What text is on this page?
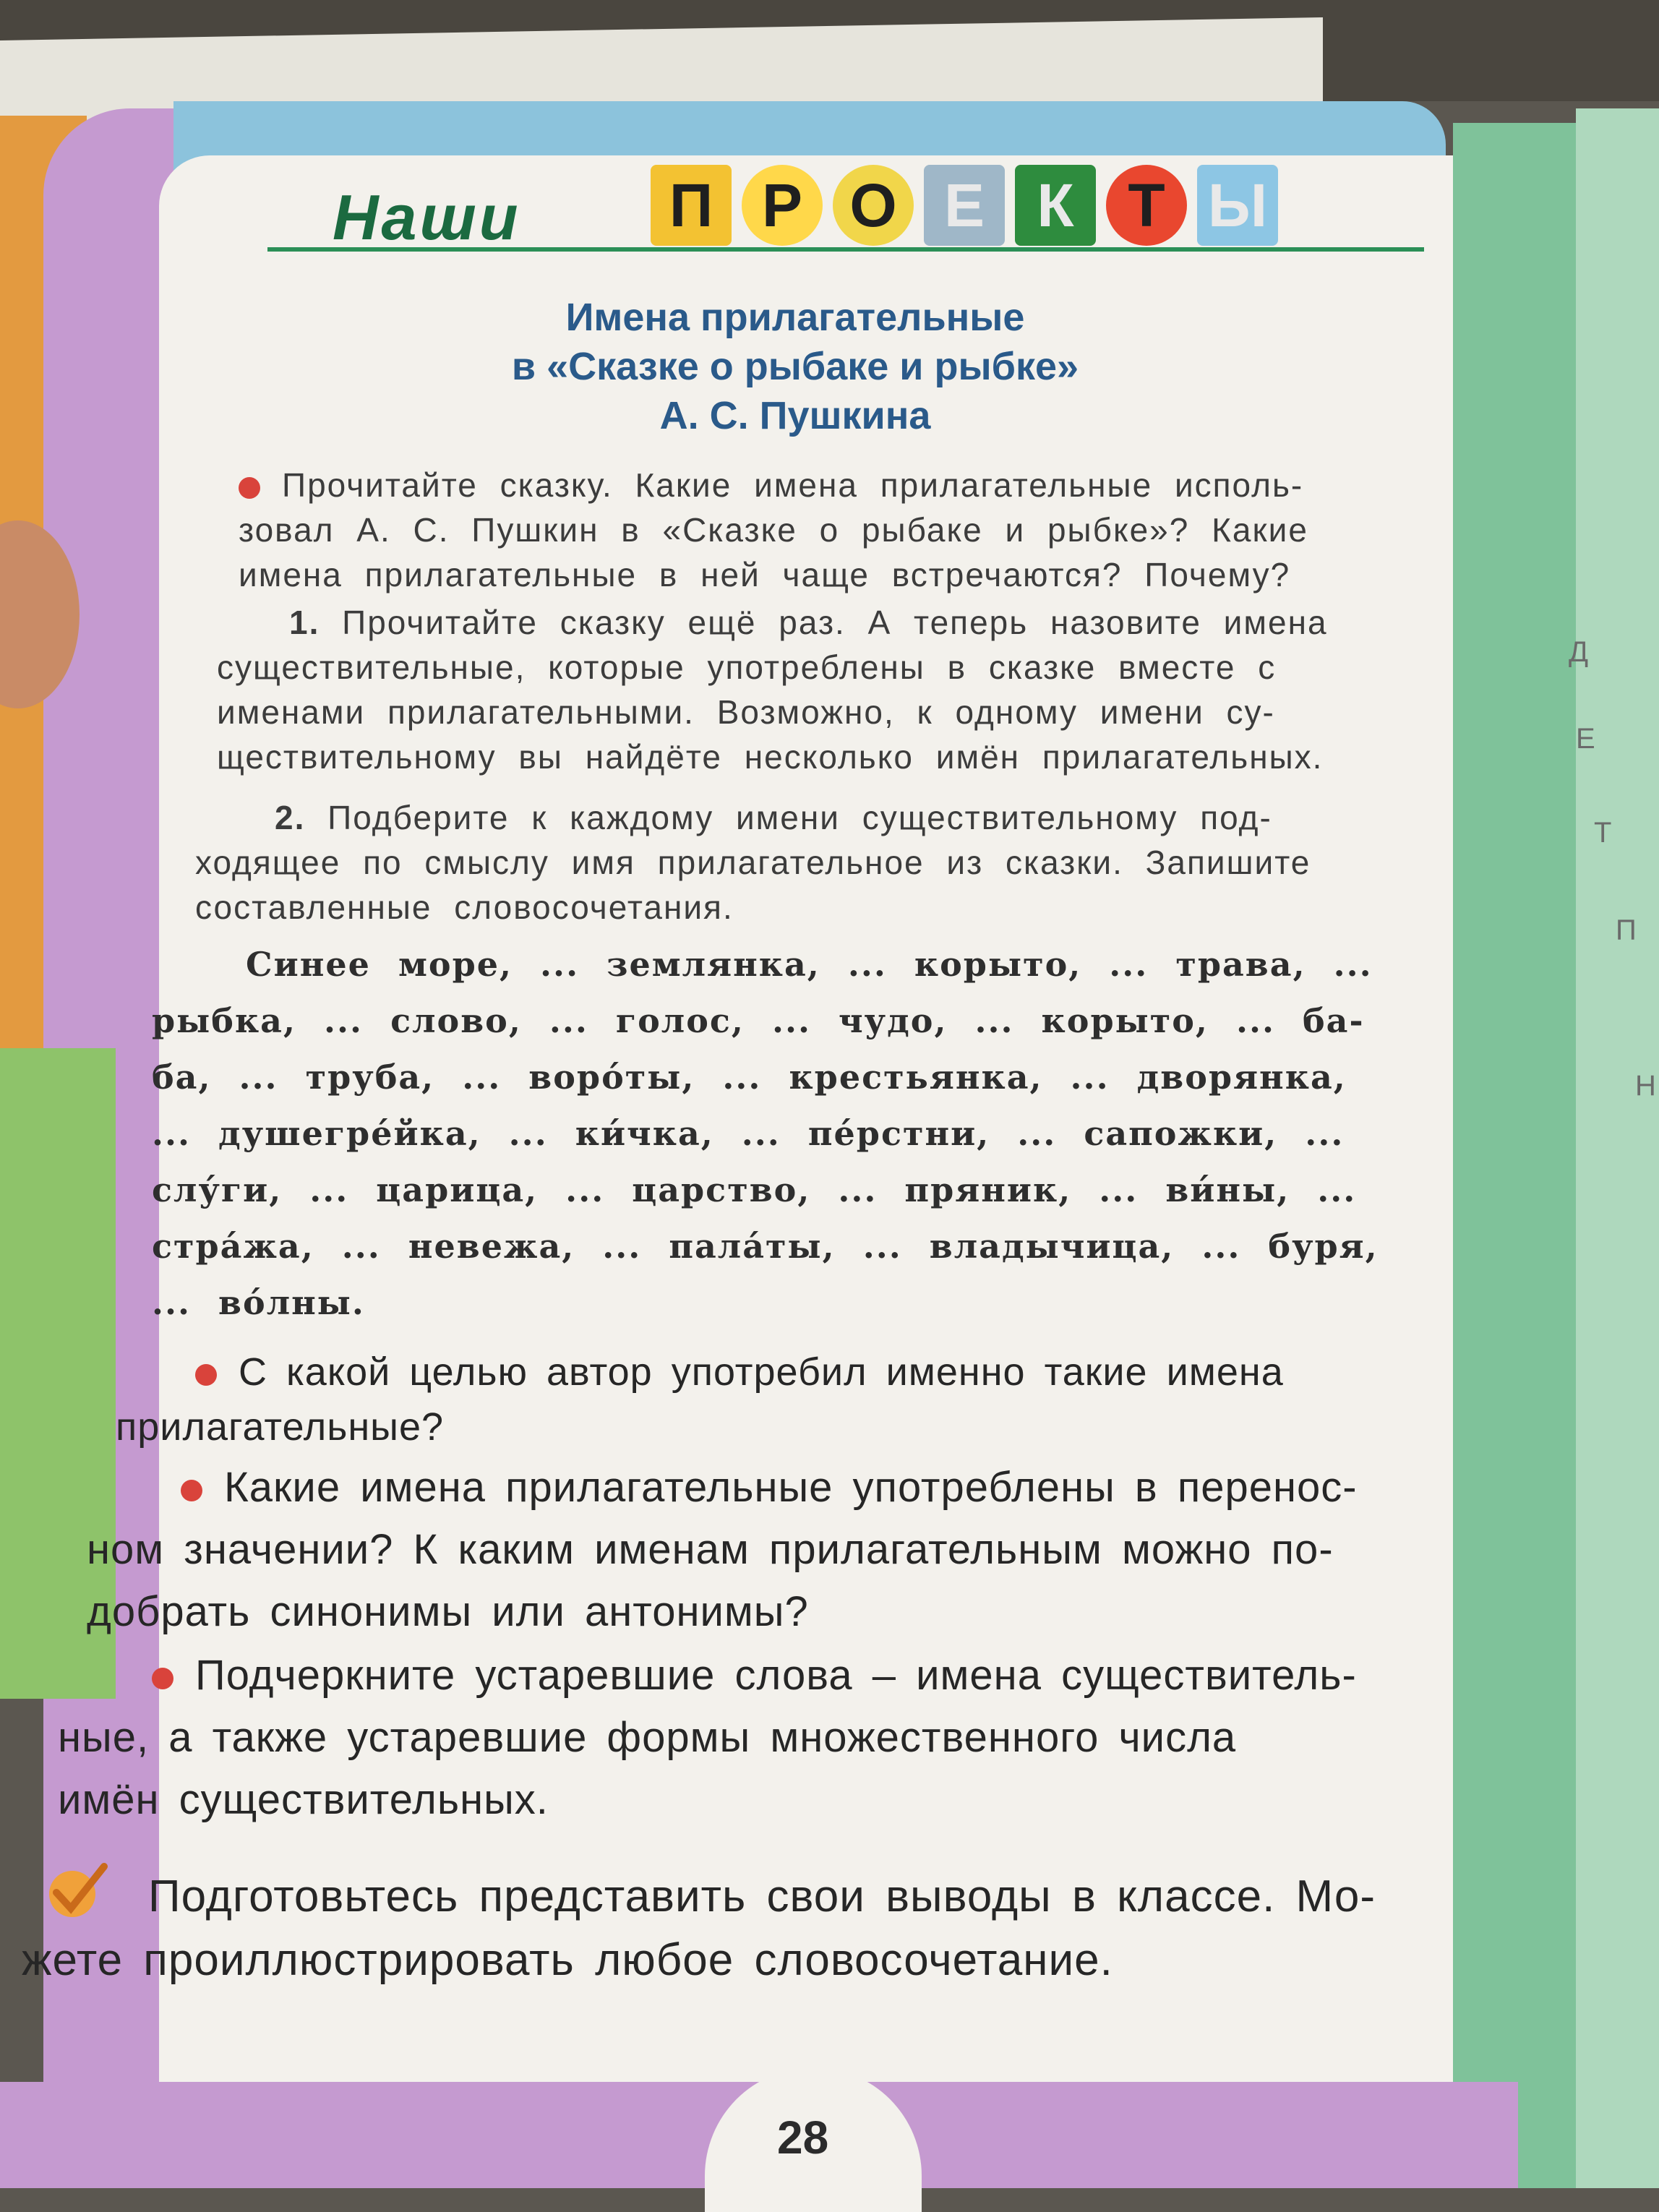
Д
Е
Т
П
Н
Наши	П Р О Е К Т Ы
Имена прилагательные
в «Сказке о рыбаке и рыбке»
А. С. Пушкина
Прочитайте сказку. Какие имена прилагательные исполь-
зовал А. С. Пушкин в «Сказке о рыбаке и рыбке»? Какие
имена прилагательные в ней чаще встречаются? Почему?
1. Прочитайте сказку ещё раз. А теперь назовите имена
существительные, которые употреблены в сказке вместе с
именами прилагательными. Возможно, к одному имени су-
ществительному вы найдёте несколько имён прилагательных.
2. Подберите к каждому имени существительному под-
ходящее по смыслу имя прилагательное из сказки. Запишите
составленные словосочетания.
Синее море, ... землянка, ... корыто, ... трава, ...
рыбка, ... слово, ... голос, ... чудо, ... корыто, ... ба-
ба, ... труба, ... воро́ты, ... крестьянка, ... дворянка,
... душегре́йка, ... ки́чка, ... пе́рстни, ... сапожки, ...
слу́ги, ... царица, ... царство, ... пряник, ... ви́ны, ...
стра́жа, ... невежа, ... пала́ты, ... владычица, ... буря,
... во́лны.
С какой целью автор употребил именно такие имена
прилагательные?
Какие имена прилагательные употреблены в перенос-
ном значении? К каким именам прилагательным можно по-
добрать синонимы или антонимы?
Подчеркните устаревшие слова – имена существитель-
ные, а также устаревшие формы множественного числа
имён существительных.
Подготовьтесь представить свои выводы в классе. Мо-
жете проиллюстрировать любое словосочетание.
28
